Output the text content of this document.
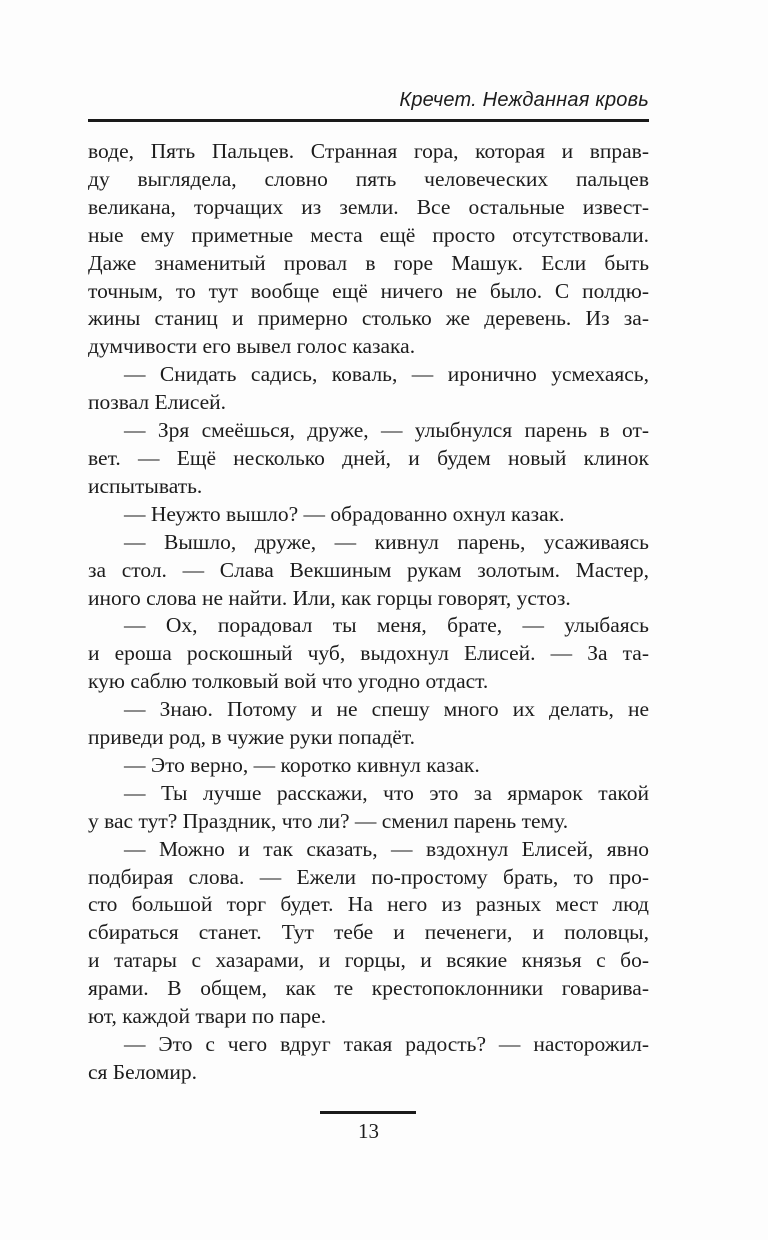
Кречет. Нежданная кровь
воде, Пять Пальцев. Странная гора, которая и вправ-
ду выглядела, словно пять человеческих пальцев
великана, торчащих из земли. Все остальные извест-
ные ему приметные места ещё просто отсутствовали.
Даже знаменитый провал в горе Машук. Если быть
точным, то тут вообще ещё ничего не было. С полдю-
жины станиц и примерно столько же деревень. Из за-
думчивости его вывел голос казака.
— Снидать садись, коваль, — иронично усмехаясь,
позвал Елисей.
— Зря смеёшься, друже, — улыбнулся парень в от-
вет. — Ещё несколько дней, и будем новый клинок
испытывать.
— Неужто вышло? — обрадованно охнул казак.
— Вышло, друже, — кивнул парень, усаживаясь
за стол. — Слава Векшиным рукам золотым. Мастер,
иного слова не найти. Или, как горцы говорят, устоз.
— Ох, порадовал ты меня, брате, — улыбаясь
и ероша роскошный чуб, выдохнул Елисей. — За та-
кую саблю толковый вой что угодно отдаст.
— Знаю. Потому и не спешу много их делать, не
приведи род, в чужие руки попадёт.
— Это верно, — коротко кивнул казак.
— Ты лучше расскажи, что это за ярмарок такой
у вас тут? Праздник, что ли? — сменил парень тему.
— Можно и так сказать, — вздохнул Елисей, явно
подбирая слова. — Ежели по-простому брать, то про-
сто большой торг будет. На него из разных мест люд
сбираться станет. Тут тебе и печенеги, и половцы,
и татары с хазарами, и горцы, и всякие князья с бо-
ярами. В общем, как те крестопоклонники говарива-
ют, каждой твари по паре.
— Это с чего вдруг такая радость? — насторожил-
ся Беломир.
13
